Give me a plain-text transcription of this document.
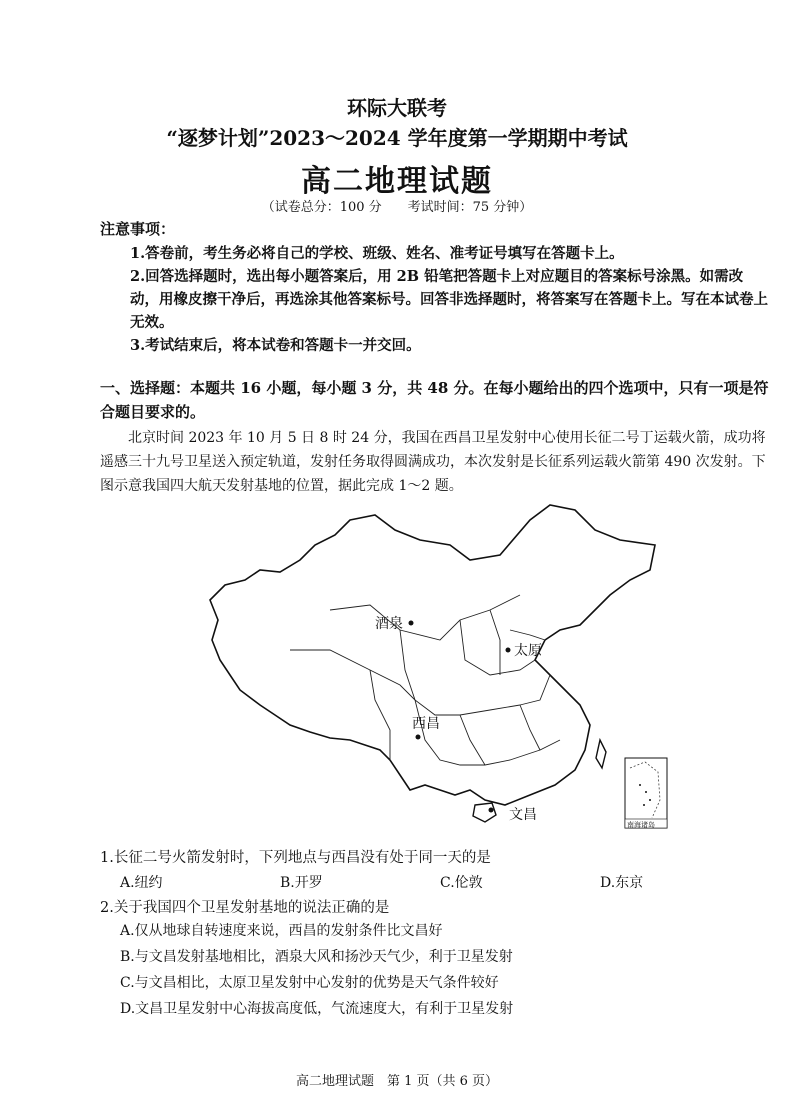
环际大联考
“逐梦计划”2023～2024 学年度第一学期期中考试
高二地理试题
（试卷总分：100 分　　考试时间：75 分钟）
注意事项：
1.答卷前，考生务必将自己的学校、班级、姓名、准考证号填写在答题卡上。
2.回答选择题时，选出每小题答案后，用 2B 铅笔把答题卡上对应题目的答案标号涂黑。如需改动，用橡皮擦干净后，再选涂其他答案标号。回答非选择题时，将答案写在答题卡上。写在本试卷上无效。
3.考试结束后，将本试卷和答题卡一并交回。
一、选择题：本题共 16 小题，每小题 3 分，共 48 分。在每小题给出的四个选项中，只有一项是符合题目要求的。
北京时间 2023 年 10 月 5 日 8 时 24 分，我国在西昌卫星发射中心使用长征二号丁运载火箭，成功将遥感三十九号卫星送入预定轨道，发射任务取得圆满成功，本次发射是长征系列运载火箭第 490 次发射。下图示意我国四大航天发射基地的位置，据此完成 1～2 题。
酒泉
太原
西昌
文昌
南海诸岛
1.长征二号火箭发射时，下列地点与西昌没有处于同一天的是
A.纽约	B.开罗	C.伦敦	D.东京
2.关于我国四个卫星发射基地的说法正确的是
A.仅从地球自转速度来说，西昌的发射条件比文昌好
B.与文昌发射基地相比，酒泉大风和扬沙天气少，利于卫星发射
C.与文昌相比，太原卫星发射中心发射的优势是天气条件较好
D.文昌卫星发射中心海拔高度低，气流速度大，有利于卫星发射
高二地理试题　第 1 页（共 6 页）
